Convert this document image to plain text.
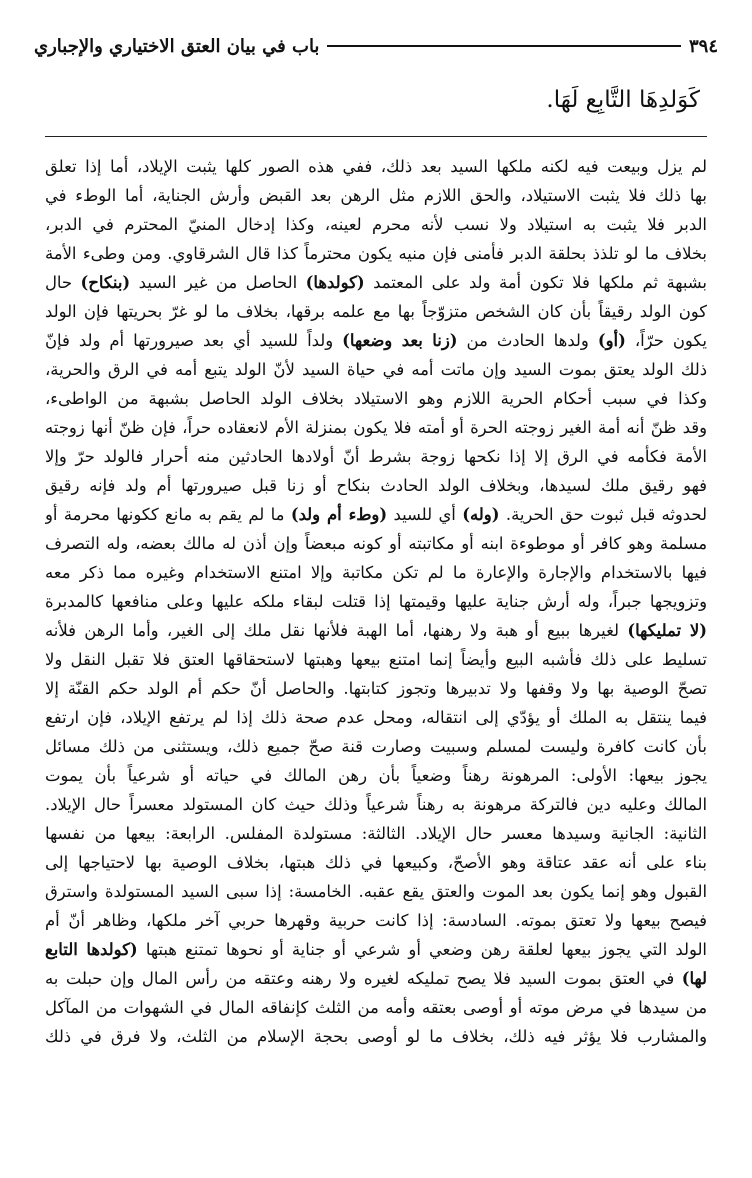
٣٩٤
باب في بيان العتق الاختياري والإجباري
كَوَلدِهَا التَّابِع لَهَا.
لم يزل وبيعت فيه لكنه ملكها السيد بعد ذلك، ففي هذه الصور كلها يثبت الإيلاد، أما إذا تعلق
بها ذلك فلا يثبت الاستيلاد، والحق اللازم مثل الرهن بعد القبض وأرش الجناية، أما الوطء في
الدبر فلا يثبت به استيلاد ولا نسب لأنه محرم لعينه، وكذا إدخال المنيّ المحترم في الدبر،
بخلاف ما لو تلذذ بحلقة الدبر فأمنى فإن منيه يكون محترماً كذا قال الشرقاوي. ومن وطىء الأمة
بشبهة ثم ملكها فلا تكون أمة ولد على المعتمد (كولدها) الحاصل من غير السيد (بنكاح) حال
كون الولد رقيقاً بأن كان الشخص متزوّجاً بها مع علمه برقها، بخلاف ما لو غرّ بحريتها فإن الولد
يكون حرّاً، (أو) ولدها الحادث من (زنا بعد وضعها) ولداً للسيد أي بعد صيرورتها أم ولد فإنّ
ذلك الولد يعتق بموت السيد وإن ماتت أمه في حياة السيد لأنّ الولد يتبع أمه في الرق والحرية،
وكذا في سبب أحكام الحرية اللازم وهو الاستيلاد بخلاف الولد الحاصل بشبهة من الواطىء،
وقد ظنّ أنه أمة الغير زوجته الحرة أو أمته فلا يكون بمنزلة الأم لانعقاده حراً، فإن ظنّ أنها زوجته
الأمة فكأمه في الرق إلا إذا نكحها زوجة بشرط أنّ أولادها الحادثين منه أحرار فالولد حرّ وإلا
فهو رقيق ملك لسيدها، وبخلاف الولد الحادث بنكاح أو زنا قبل صيرورتها أم ولد فإنه رقيق
لحدوثه قبل ثبوت حق الحرية. (وله) أي للسيد (وطء أم ولد) ما لم يقم به مانع ككونها محرمة أو
مسلمة وهو كافر أو موطوءة ابنه أو مكاتبته أو كونه مبعضاً وإن أذن له مالك بعضه، وله التصرف
فيها بالاستخدام والإجارة والإعارة ما لم تكن مكاتبة وإلا امتنع الاستخدام وغيره مما ذكر معه
وتزويجها جبراً، وله أرش جناية عليها وقيمتها إذا قتلت لبقاء ملكه عليها وعلى منافعها كالمدبرة
(لا تمليكها) لغيرها ببيع أو هبة ولا رهنها، أما الهبة فلأنها نقل ملك إلى الغير، وأما الرهن فلأنه
تسليط على ذلك فأشبه البيع وأيضاً إنما امتنع بيعها وهبتها لاستحقاقها العتق فلا تقبل النقل ولا
تصحّ الوصية بها ولا وقفها ولا تدبيرها وتجوز كتابتها. والحاصل أنّ حكم أم الولد حكم القنّة إلا
فيما ينتقل به الملك أو يؤدّي إلى انتقاله، ومحل عدم صحة ذلك إذا لم يرتفع الإيلاد، فإن ارتفع
بأن كانت كافرة وليست لمسلم وسبيت وصارت قنة صحّ جميع ذلك، ويستثنى من ذلك مسائل
يجوز بيعها: الأولى: المرهونة رهناً وضعياً بأن رهن المالك في حياته أو شرعياً بأن يموت
المالك وعليه دين فالتركة مرهونة به رهناً شرعياً وذلك حيث كان المستولد معسراً حال الإيلاد.
الثانية: الجانية وسيدها معسر حال الإيلاد. الثالثة: مستولدة المفلس. الرابعة: بيعها من نفسها
بناء على أنه عقد عتاقة وهو الأصحّ، وكبيعها في ذلك هبتها، بخلاف الوصية بها لاحتياجها إلى
القبول وهو إنما يكون بعد الموت والعتق يقع عقبه. الخامسة: إذا سبى السيد المستولدة واسترق
فيصح بيعها ولا تعتق بموته. السادسة: إذا كانت حربية وقهرها حربي آخر ملكها، وظاهر أنّ أم
الولد التي يجوز بيعها لعلقة رهن وضعي أو شرعي أو جناية أو نحوها تمتنع هبتها (كولدها التابع
لها) في العتق بموت السيد فلا يصح تمليكه لغيره ولا رهنه وعتقه من رأس المال وإن حبلت به
من سيدها في مرض موته أو أوصى بعتقه وأمه من الثلث كإنفاقه المال في الشهوات من المآكل
والمشارب فلا يؤثر فيه ذلك، بخلاف ما لو أوصى بحجة الإسلام من الثلث، ولا فرق في ذلك
